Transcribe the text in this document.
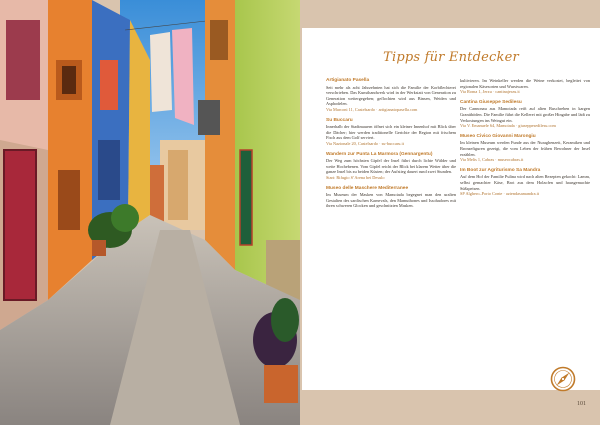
Tipps für Entdecker
Artigianato Pasella
Seit mehr als acht Jahrzehnten hat sich die Familie der Korbflechterei verschrieben. Das Kunsthandwerk wird in der Werkstatt von Generation zu Generation weitergegeben; geflochten wird aus Binsen, Weiden und Asphodelen.
Via Marconi 11, Castelsardo · artigianatopasella.com
Su Buccaru
Innerhalb der Stadtmauern öffnet sich ein kleiner Innenhof mit Blick über die Dächer; hier werden traditionelle Gerichte der Region mit frischem Fisch aus dem Golf serviert.
Via Nazionale 20, Castelsardo · su-buccaru.it
Wandern zur Punta La Marmora (Gennargentu)
Der Weg zum höchsten Gipfel der Insel führt durch lichte Wälder und weite Hochebenen. Vom Gipfel reicht der Blick bei klarem Wetter über die ganze Insel bis zu beiden Küsten; der Aufstieg dauert rund zwei Stunden.
Start: Rifugio S’Arena bei Desulo
Museo delle Maschere Mediterranee
Im Museum der Masken von Mamoiada begegnet man den uralten Gestalten des sardischen Karnevals, den Mamuthones und Issohadores mit ihren schweren Glocken und geschnitzten Masken.
kultivieren. Im Weinkeller werden die Weine verkostet, begleitet von regionalen Käsesorten und Wurstwaren.
Via Roma 1, Jerzu · cantinajerzu.it
Cantina Giuseppe Sedilesu
Der Cannonau aus Mamoiada reift auf alten Buschreben in kargen Granitböden. Die Familie führt die Kellerei mit großer Hingabe und lädt zu Verkostungen ins Weingut ein.
Via V. Emanuele 64, Mamoiada · giuseppesedilesu.com
Museo Civico Giovanni Marongiu
Im kleinen Museum werden Funde aus der Nuraghenzeit, Keramiken und Bronzefiguren gezeigt, die vom Leben der frühen Bewohner der Insel erzählen.
Via Melis 1, Cabras · museocabras.it
Im Boot zur Agriturismo Sa Mandra
Auf dem Hof der Familie Pulina wird nach alten Rezepten gekocht: Lamm, selbst gemachter Käse, Brot aus dem Holzofen und hausgemachte Süßspeisen.
SP Alghero–Porto Conte · aziendasamandra.it
101
